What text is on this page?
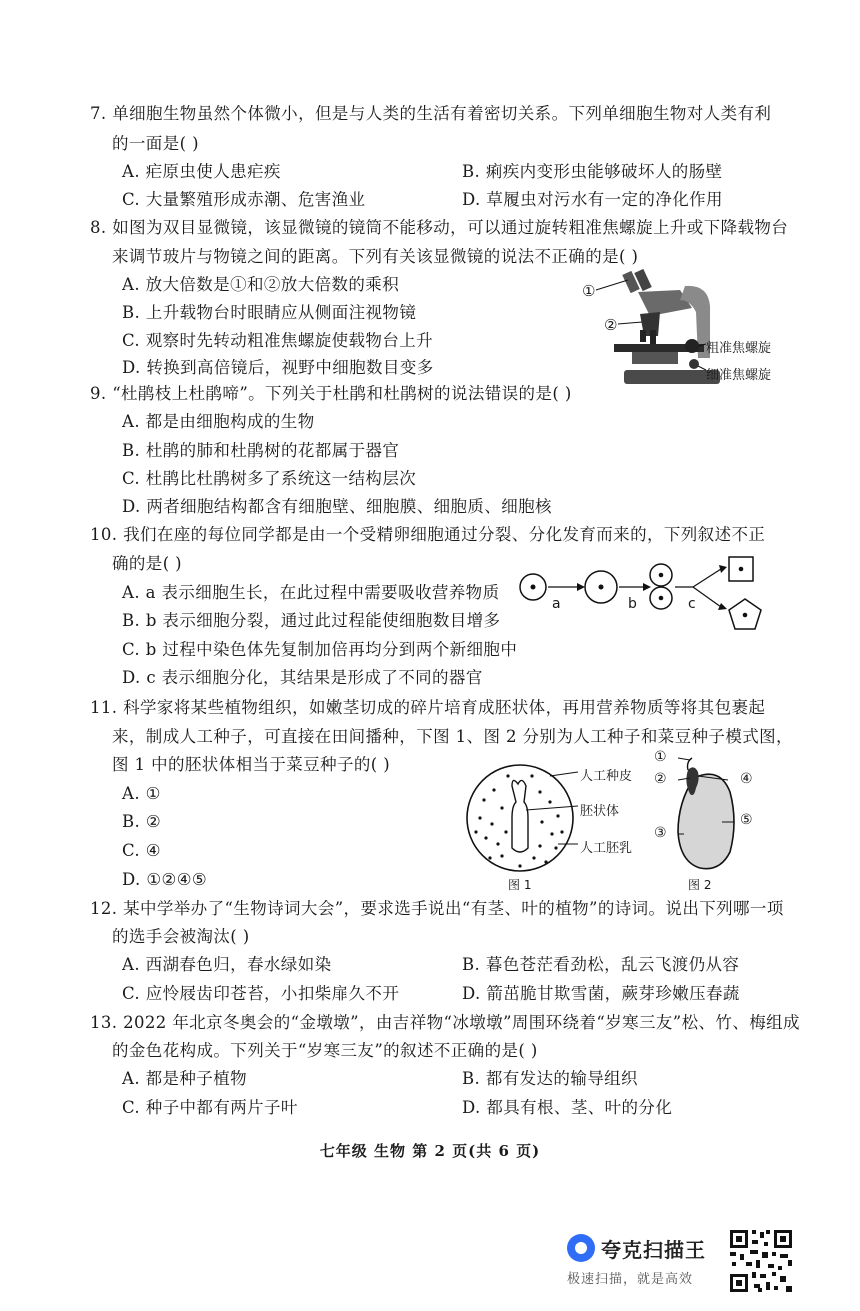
7. 单细胞生物虽然个体微小，但是与人类的生活有着密切关系。下列单细胞生物对人类有利
的一面是( )
A. 疟原虫使人患疟疾	B. 痢疾内变形虫能够破坏人的肠壁
C. 大量繁殖形成赤潮、危害渔业	D. 草履虫对污水有一定的净化作用
8. 如图为双目显微镜，该显微镜的镜筒不能移动，可以通过旋转粗准焦螺旋上升或下降载物台
来调节玻片与物镜之间的距离。下列有关该显微镜的说法不正确的是( )
A. 放大倍数是①和②放大倍数的乘积
B. 上升载物台时眼睛应从侧面注视物镜
C. 观察时先转动粗准焦螺旋使载物台上升
D. 转换到高倍镜后，视野中细胞数目变多
①
②
粗准焦螺旋
细准焦螺旋
9. “杜鹃枝上杜鹃啼”。下列关于杜鹃和杜鹃树的说法错误的是( )
A. 都是由细胞构成的生物
B. 杜鹃的肺和杜鹃树的花都属于器官
C. 杜鹃比杜鹃树多了系统这一结构层次
D. 两者细胞结构都含有细胞壁、细胞膜、细胞质、细胞核
10. 我们在座的每位同学都是由一个受精卵细胞通过分裂、分化发育而来的，下列叙述不正
确的是( )
A. a 表示细胞生长，在此过程中需要吸收营养物质
B. b 表示细胞分裂，通过此过程能使细胞数目增多
C. b 过程中染色体先复制加倍再均分到两个新细胞中
D. c 表示细胞分化，其结果是形成了不同的器官
a	b	c
11. 科学家将某些植物组织，如嫩茎切成的碎片培育成胚状体，再用营养物质等将其包裹起
来，制成人工种子，可直接在田间播种，下图 1、图 2 分别为人工种子和菜豆种子模式图，
图 1 中的胚状体相当于菜豆种子的( )
A. ①
B. ②
C. ④
D. ①②④⑤
人工种皮
胚状体
人工胚乳
图 1
①
②
③
④
⑤
图 2
12. 某中学举办了“生物诗词大会”，要求选手说出“有茎、叶的植物”的诗词。说出下列哪一项
的选手会被淘汰( )
A. 西湖春色归，春水绿如染	B. 暮色苍茫看劲松，乱云飞渡仍从容
C. 应怜屐齿印苍苔，小扣柴扉久不开	D. 箭茁脆甘欺雪菌，蕨芽珍嫩压春蔬
13. 2022 年北京冬奥会的“金墩墩”，由吉祥物“冰墩墩”周围环绕着“岁寒三友”松、竹、梅组成
的金色花构成。下列关于“岁寒三友”的叙述不正确的是( )
A. 都是种子植物	B. 都有发达的输导组织
C. 种子中都有两片子叶	D. 都具有根、茎、叶的分化
七年级 生物 第 2 页(共 6 页)
夸克扫描王
极速扫描，就是高效
